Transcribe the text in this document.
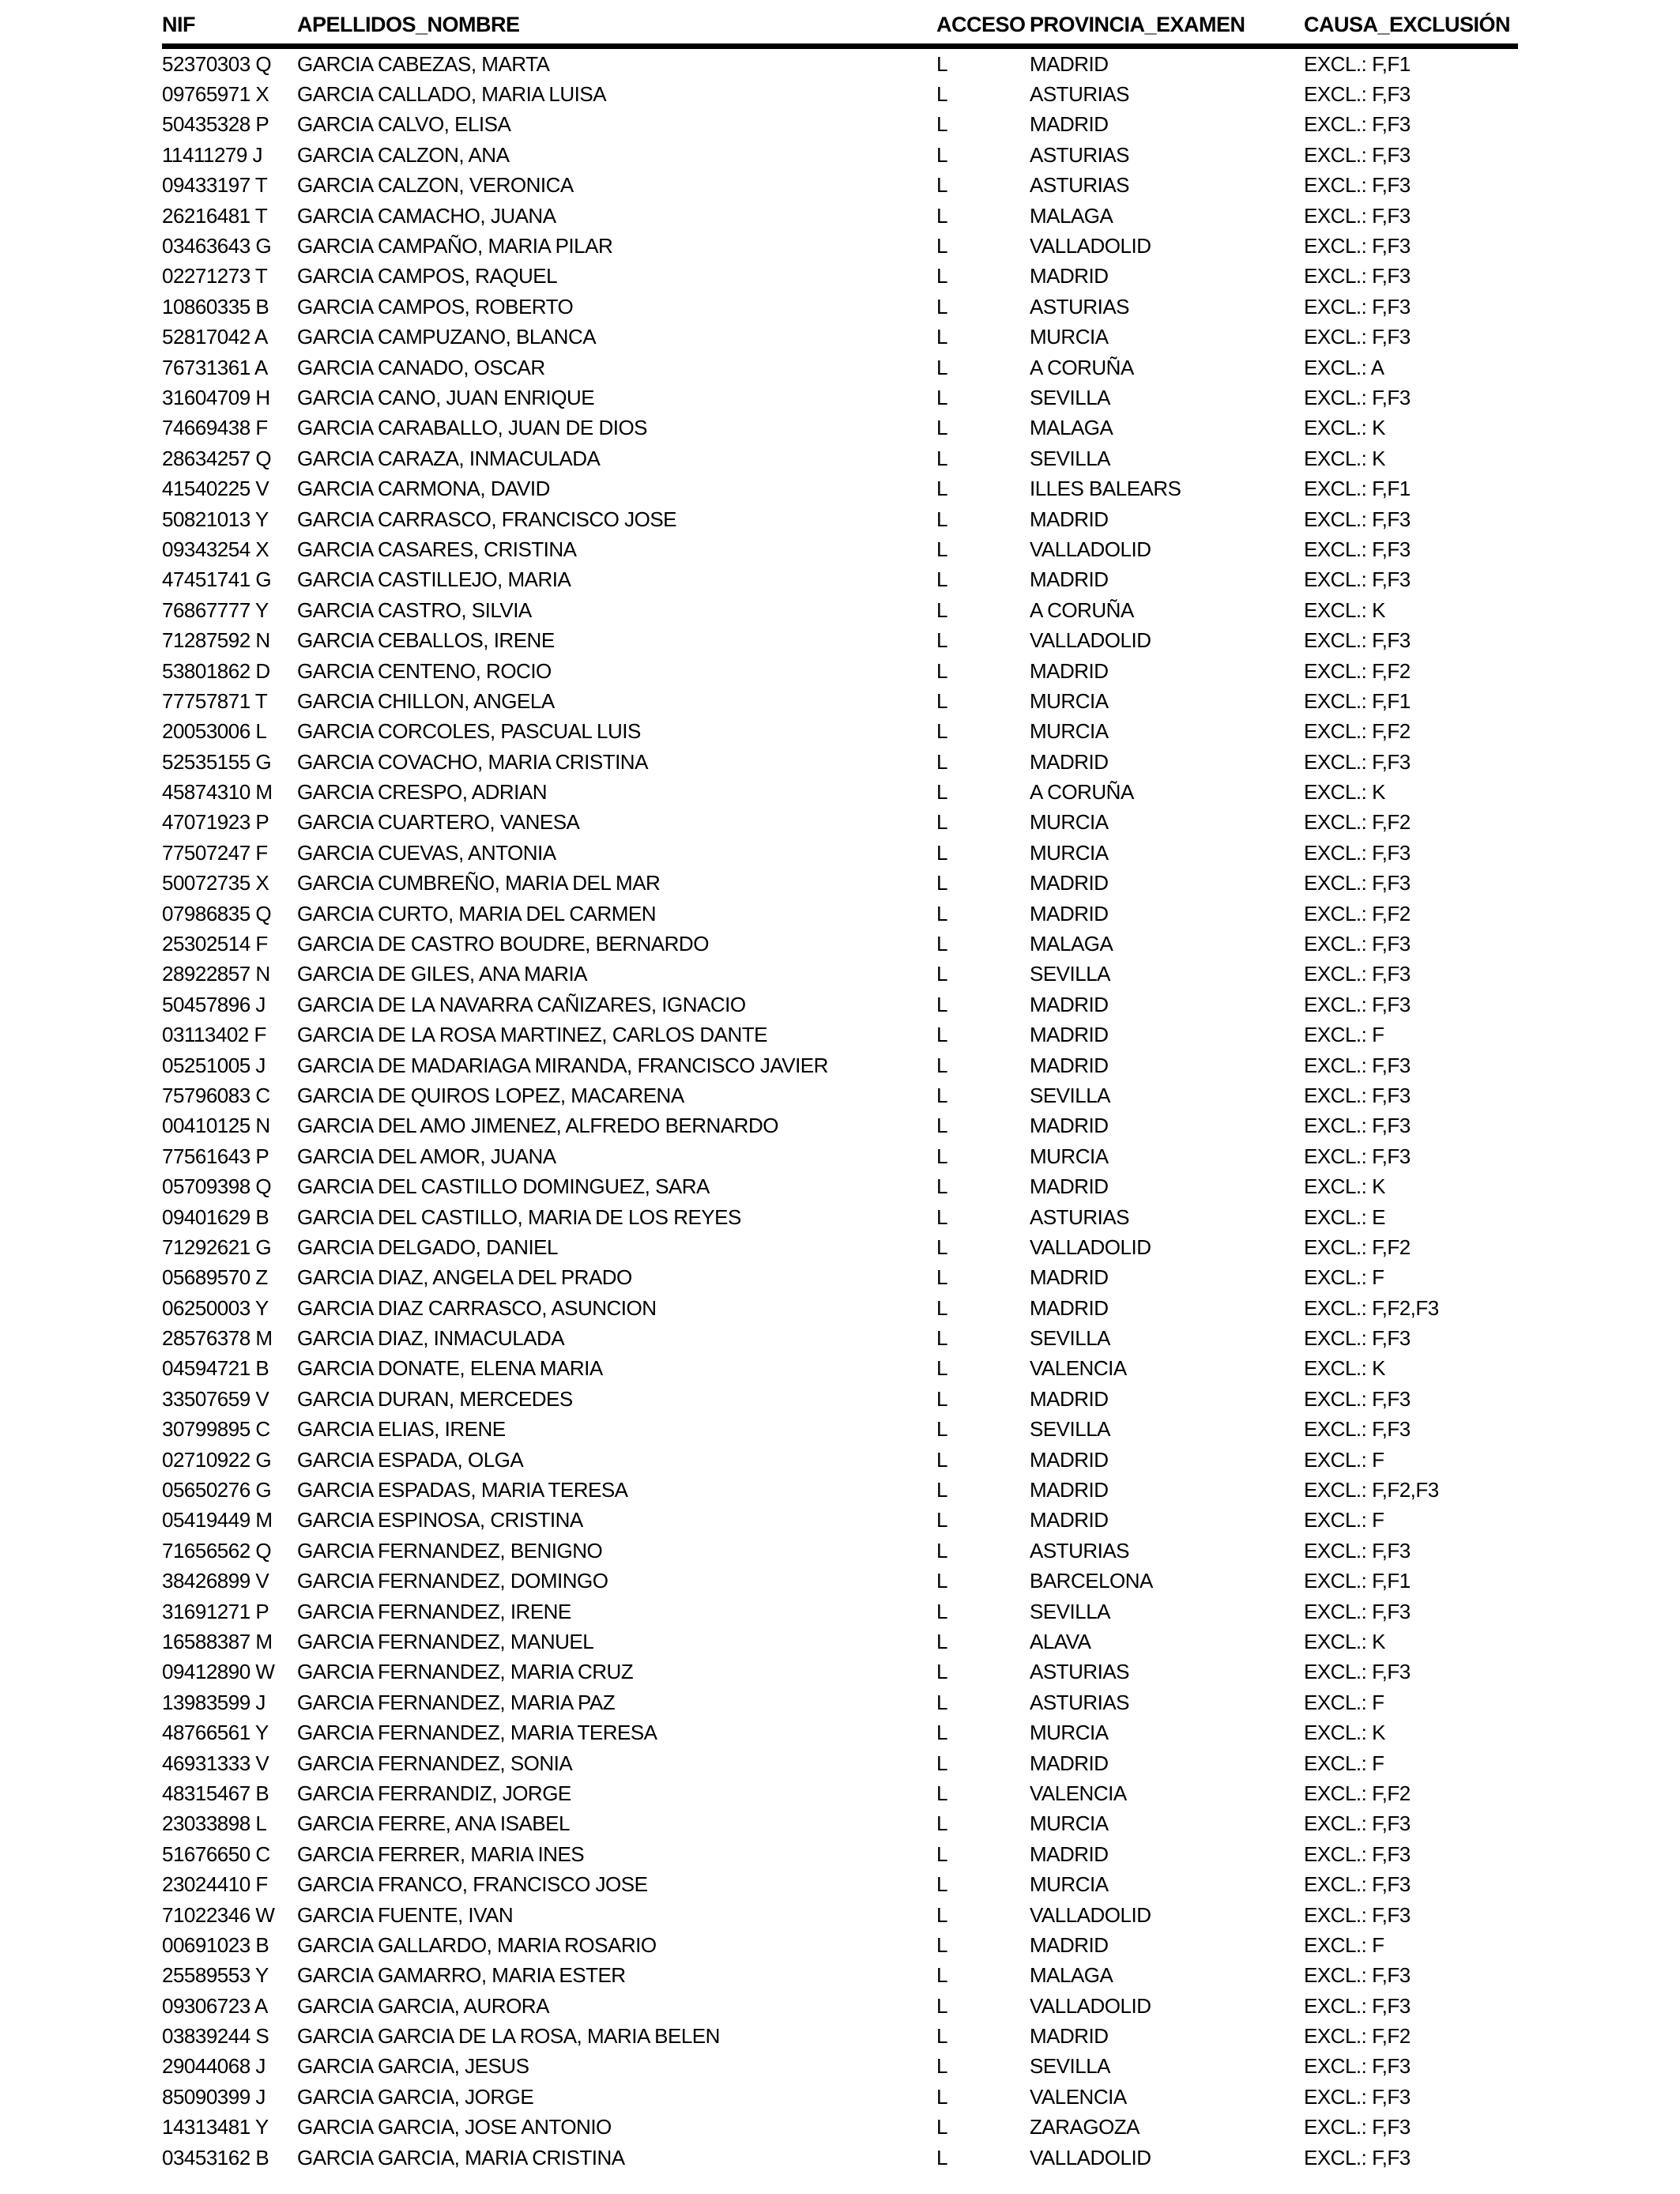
NIF	APELLIDOS_NOMBRE	ACCESO	PROVINCIA_EXAMEN	CAUSA_EXCLUSIÓN
52370303 Q	GARCIA CABEZAS, MARTA	L	MADRID	EXCL.: F,F1
09765971 X	GARCIA CALLADO, MARIA LUISA	L	ASTURIAS	EXCL.: F,F3
50435328 P	GARCIA CALVO, ELISA	L	MADRID	EXCL.: F,F3
11411279 J	GARCIA CALZON, ANA	L	ASTURIAS	EXCL.: F,F3
09433197 T	GARCIA CALZON, VERONICA	L	ASTURIAS	EXCL.: F,F3
26216481 T	GARCIA CAMACHO, JUANA	L	MALAGA	EXCL.: F,F3
03463643 G	GARCIA CAMPAÑO, MARIA PILAR	L	VALLADOLID	EXCL.: F,F3
02271273 T	GARCIA CAMPOS, RAQUEL	L	MADRID	EXCL.: F,F3
10860335 B	GARCIA CAMPOS, ROBERTO	L	ASTURIAS	EXCL.: F,F3
52817042 A	GARCIA CAMPUZANO, BLANCA	L	MURCIA	EXCL.: F,F3
76731361 A	GARCIA CANADO, OSCAR	L	A CORUÑA	EXCL.: A
31604709 H	GARCIA CANO, JUAN ENRIQUE	L	SEVILLA	EXCL.: F,F3
74669438 F	GARCIA CARABALLO, JUAN DE DIOS	L	MALAGA	EXCL.: K
28634257 Q	GARCIA CARAZA, INMACULADA	L	SEVILLA	EXCL.: K
41540225 V	GARCIA CARMONA, DAVID	L	ILLES BALEARS	EXCL.: F,F1
50821013 Y	GARCIA CARRASCO, FRANCISCO JOSE	L	MADRID	EXCL.: F,F3
09343254 X	GARCIA CASARES, CRISTINA	L	VALLADOLID	EXCL.: F,F3
47451741 G	GARCIA CASTILLEJO, MARIA	L	MADRID	EXCL.: F,F3
76867777 Y	GARCIA CASTRO, SILVIA	L	A CORUÑA	EXCL.: K
71287592 N	GARCIA CEBALLOS, IRENE	L	VALLADOLID	EXCL.: F,F3
53801862 D	GARCIA CENTENO, ROCIO	L	MADRID	EXCL.: F,F2
77757871 T	GARCIA CHILLON, ANGELA	L	MURCIA	EXCL.: F,F1
20053006 L	GARCIA CORCOLES, PASCUAL LUIS	L	MURCIA	EXCL.: F,F2
52535155 G	GARCIA COVACHO, MARIA CRISTINA	L	MADRID	EXCL.: F,F3
45874310 M	GARCIA CRESPO, ADRIAN	L	A CORUÑA	EXCL.: K
47071923 P	GARCIA CUARTERO, VANESA	L	MURCIA	EXCL.: F,F2
77507247 F	GARCIA CUEVAS, ANTONIA	L	MURCIA	EXCL.: F,F3
50072735 X	GARCIA CUMBREÑO, MARIA DEL MAR	L	MADRID	EXCL.: F,F3
07986835 Q	GARCIA CURTO, MARIA DEL CARMEN	L	MADRID	EXCL.: F,F2
25302514 F	GARCIA DE CASTRO BOUDRE, BERNARDO	L	MALAGA	EXCL.: F,F3
28922857 N	GARCIA DE GILES, ANA MARIA	L	SEVILLA	EXCL.: F,F3
50457896 J	GARCIA DE LA NAVARRA CAÑIZARES, IGNACIO	L	MADRID	EXCL.: F,F3
03113402 F	GARCIA DE LA ROSA MARTINEZ, CARLOS DANTE	L	MADRID	EXCL.: F
05251005 J	GARCIA DE MADARIAGA MIRANDA, FRANCISCO JAVIER	L	MADRID	EXCL.: F,F3
75796083 C	GARCIA DE QUIROS LOPEZ, MACARENA	L	SEVILLA	EXCL.: F,F3
00410125 N	GARCIA DEL AMO JIMENEZ, ALFREDO BERNARDO	L	MADRID	EXCL.: F,F3
77561643 P	GARCIA DEL AMOR, JUANA	L	MURCIA	EXCL.: F,F3
05709398 Q	GARCIA DEL CASTILLO DOMINGUEZ, SARA	L	MADRID	EXCL.: K
09401629 B	GARCIA DEL CASTILLO, MARIA DE LOS REYES	L	ASTURIAS	EXCL.: E
71292621 G	GARCIA DELGADO, DANIEL	L	VALLADOLID	EXCL.: F,F2
05689570 Z	GARCIA DIAZ, ANGELA DEL PRADO	L	MADRID	EXCL.: F
06250003 Y	GARCIA DIAZ CARRASCO, ASUNCION	L	MADRID	EXCL.: F,F2,F3
28576378 M	GARCIA DIAZ, INMACULADA	L	SEVILLA	EXCL.: F,F3
04594721 B	GARCIA DONATE, ELENA MARIA	L	VALENCIA	EXCL.: K
33507659 V	GARCIA DURAN, MERCEDES	L	MADRID	EXCL.: F,F3
30799895 C	GARCIA ELIAS, IRENE	L	SEVILLA	EXCL.: F,F3
02710922 G	GARCIA ESPADA, OLGA	L	MADRID	EXCL.: F
05650276 G	GARCIA ESPADAS, MARIA TERESA	L	MADRID	EXCL.: F,F2,F3
05419449 M	GARCIA ESPINOSA, CRISTINA	L	MADRID	EXCL.: F
71656562 Q	GARCIA FERNANDEZ, BENIGNO	L	ASTURIAS	EXCL.: F,F3
38426899 V	GARCIA FERNANDEZ, DOMINGO	L	BARCELONA	EXCL.: F,F1
31691271 P	GARCIA FERNANDEZ, IRENE	L	SEVILLA	EXCL.: F,F3
16588387 M	GARCIA FERNANDEZ, MANUEL	L	ALAVA	EXCL.: K
09412890 W	GARCIA FERNANDEZ, MARIA CRUZ	L	ASTURIAS	EXCL.: F,F3
13983599 J	GARCIA FERNANDEZ, MARIA PAZ	L	ASTURIAS	EXCL.: F
48766561 Y	GARCIA FERNANDEZ, MARIA TERESA	L	MURCIA	EXCL.: K
46931333 V	GARCIA FERNANDEZ, SONIA	L	MADRID	EXCL.: F
48315467 B	GARCIA FERRANDIZ, JORGE	L	VALENCIA	EXCL.: F,F2
23033898 L	GARCIA FERRE, ANA ISABEL	L	MURCIA	EXCL.: F,F3
51676650 C	GARCIA FERRER, MARIA INES	L	MADRID	EXCL.: F,F3
23024410 F	GARCIA FRANCO, FRANCISCO JOSE	L	MURCIA	EXCL.: F,F3
71022346 W	GARCIA FUENTE, IVAN	L	VALLADOLID	EXCL.: F,F3
00691023 B	GARCIA GALLARDO, MARIA ROSARIO	L	MADRID	EXCL.: F
25589553 Y	GARCIA GAMARRO, MARIA ESTER	L	MALAGA	EXCL.: F,F3
09306723 A	GARCIA GARCIA, AURORA	L	VALLADOLID	EXCL.: F,F3
03839244 S	GARCIA GARCIA DE LA ROSA, MARIA BELEN	L	MADRID	EXCL.: F,F2
29044068 J	GARCIA GARCIA, JESUS	L	SEVILLA	EXCL.: F,F3
85090399 J	GARCIA GARCIA, JORGE	L	VALENCIA	EXCL.: F,F3
14313481 Y	GARCIA GARCIA, JOSE ANTONIO	L	ZARAGOZA	EXCL.: F,F3
03453162 B	GARCIA GARCIA, MARIA CRISTINA	L	VALLADOLID	EXCL.: F,F3
